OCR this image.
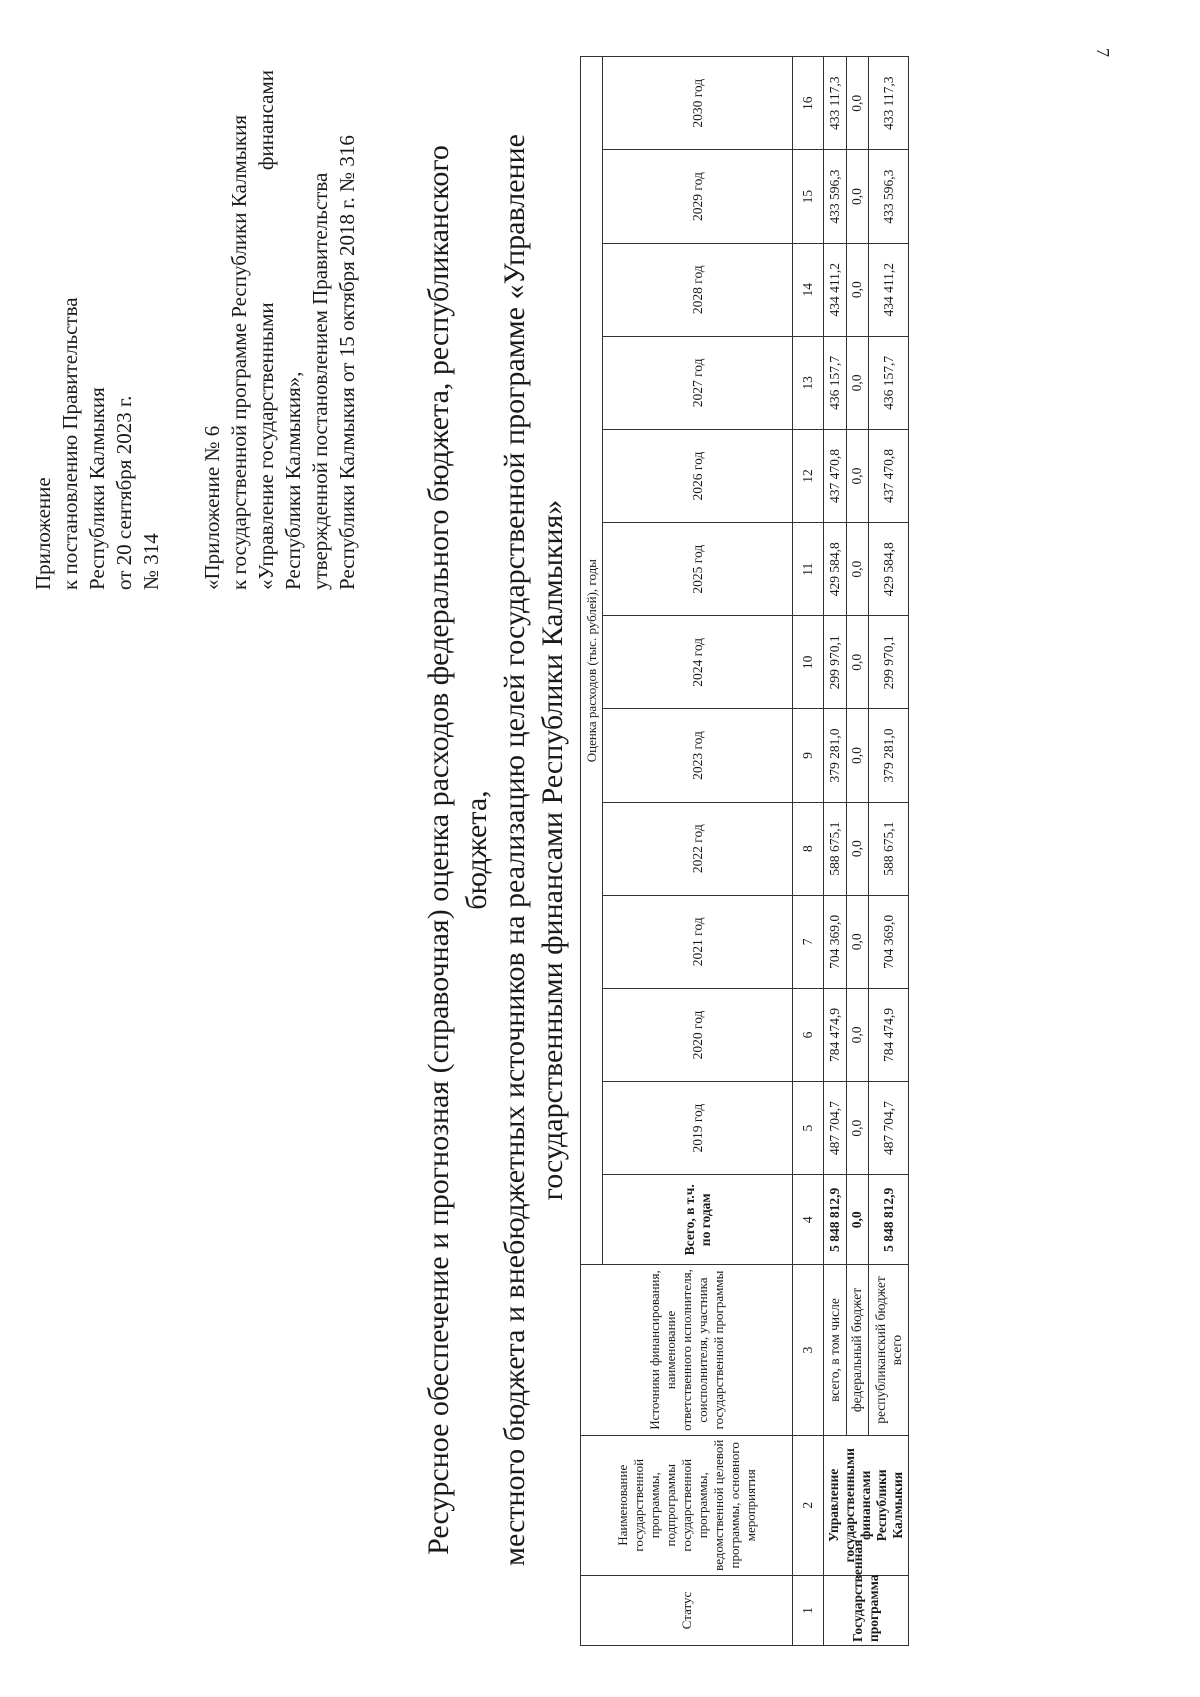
7

Приложение к постановлению Правительства Республики Калмыкия от 20 сентября 2023 г. № 314 «Приложение № 6 к государственной программе Республики Калмыкия «Управление государственными
финансами

Республики Калмыкия», утвержденной постановлением Правительства Республики Калмыкия от 15 октября 2018 г. № 316 Ресурсное обеспечение и прогнозная (справочная) оценка расходов федерального бюджета, республиканского бюджета, местного бюджета и внебюджетных источников на реализацию целей государственной программе «Управление государственными финансами Республики Калмыкия»

Статус	Наименование государственной программы, подпрограммы государственной программы, ведомственной целевой программы, основного мероприятия	Источники финансирования, наименование ответственного исполнителя, соисполнителя, участника государственной программы	Оценка расходов (тыс. рублей), годы												
			Всего, в т.ч. по годам	2019 год	2020 год	2021 год	2022 год	2023 год	2024 год	2025 год	2026 год	2027 год	2028 год	2029 год	2030 год
1	2	3	4	5	6	7	8	9	10	11	12	13	14	15	16
Государственная программа	Управление государственными финансами Республики Калмыкия	всего, в том числе	5 848 812,9	487 704,7	784 474,9	704 369,0	588 675,1	379 281,0	299 970,1	429 584,8	437 470,8	436 157,7	434 411,2	433 596,3	433 117,3
		федеральный бюджет	0,0	0,0	0,0	0,0	0,0	0,0	0,0	0,0	0,0	0,0	0,0	0,0	0,0
		республиканский бюджет всего	5 848 812,9	487 704,7	784 474,9	704 369,0	588 675,1	379 281,0	299 970,1	429 584,8	437 470,8	436 157,7	434 411,2	433 596,3	433 117,3
